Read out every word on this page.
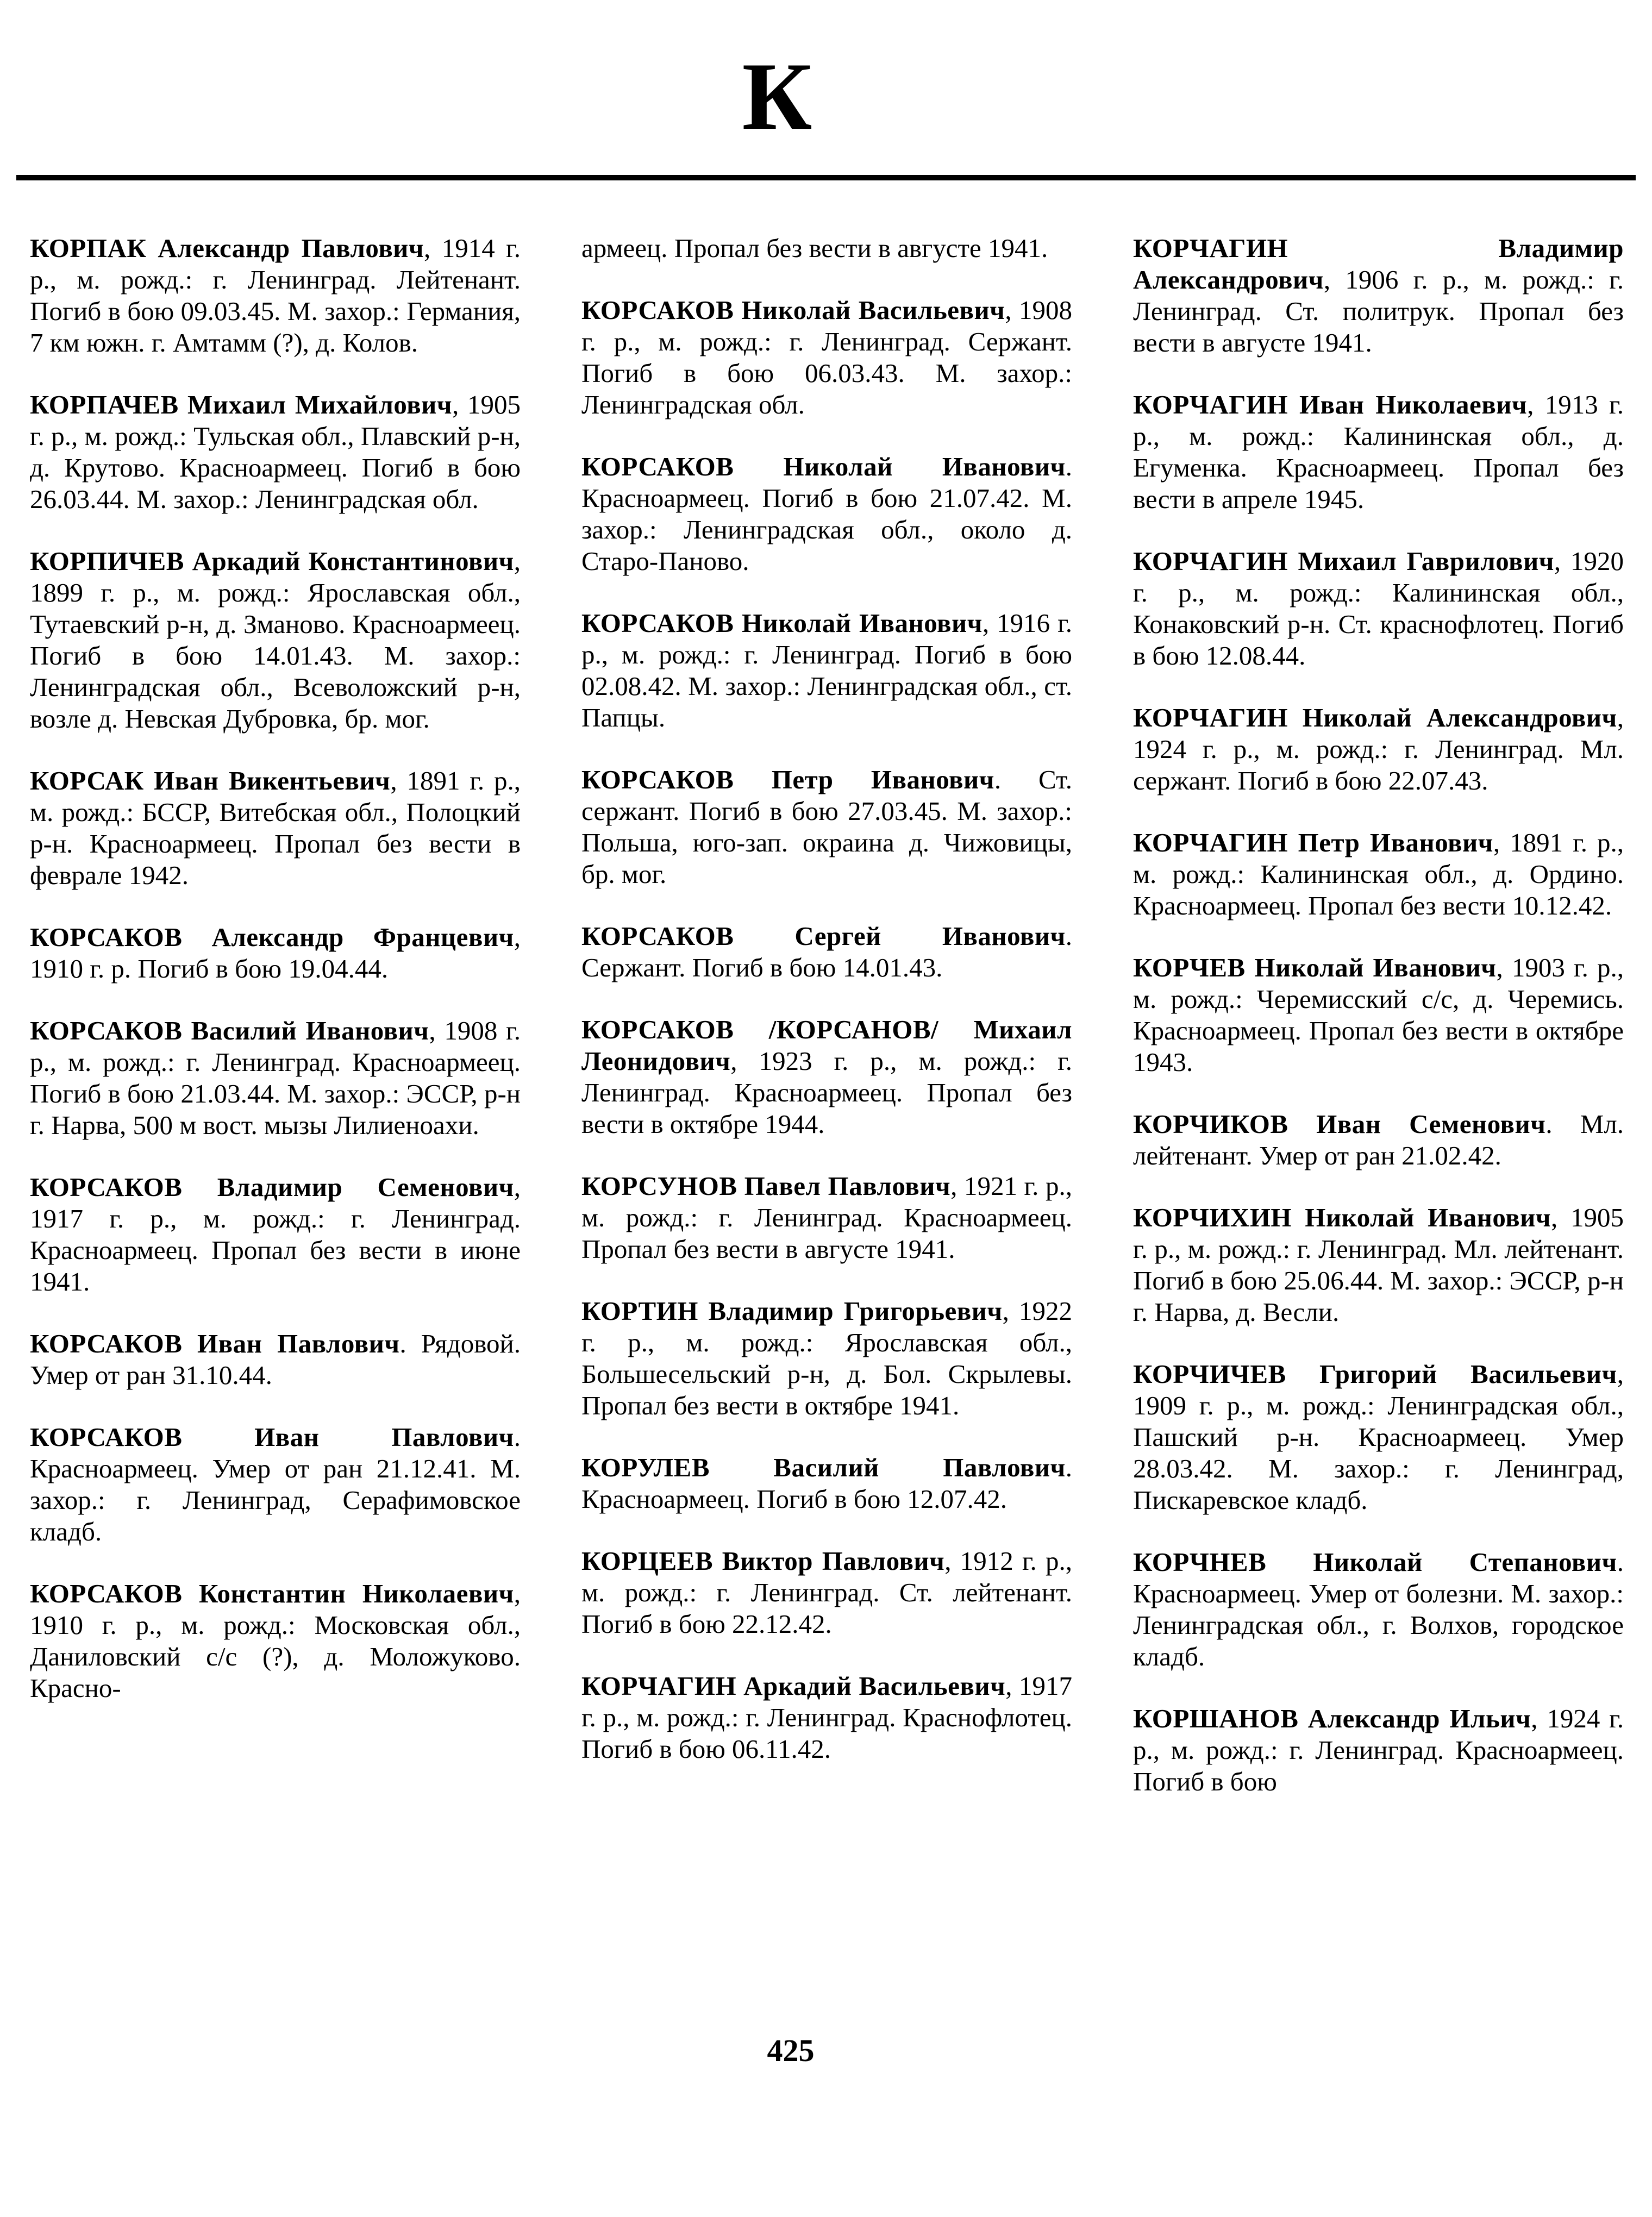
К

КОРПАК Александр Павлович, 1914 г. р., м. рожд.: г. Ленинград. Лейтенант. Погиб в бою 09.03.45. М. захор.: Германия, 7 км южн. г. Амтамм (?), д. Колов.

КОРПАЧЕВ Михаил Михайлович, 1905 г. р., м. рожд.: Тульская обл., Плавский р-н, д. Крутово. Красноармеец. Погиб в бою 26.03.44. М. захор.: Ленинградская обл.

КОРПИЧЕВ Аркадий Константинович, 1899 г. р., м. рожд.: Ярославская обл., Тутаевский р-н, д. Зманово. Красноармеец. Погиб в бою 14.01.43. М. захор.: Ленинградская обл., Всеволожский р-н, возле д. Невская Дубровка, бр. мог.

КОРСАК Иван Викентьевич, 1891 г. р., м. рожд.: БССР, Витебская обл., Полоцкий р-н. Красноармеец. Пропал без вести в феврале 1942.

КОРСАКОВ Александр Францевич, 1910 г. р. Погиб в бою 19.04.44.

КОРСАКОВ Василий Иванович, 1908 г. р., м. рожд.: г. Ленинград. Красноармеец. Погиб в бою 21.03.44. М. захор.: ЭССР, р-н г. Нарва, 500 м вост. мызы Лилиеноахи.

КОРСАКОВ Владимир Семенович, 1917 г. р., м. рожд.: г. Ленинград. Красноармеец. Пропал без вести в июне 1941.

КОРСАКОВ Иван Павлович. Рядовой. Умер от ран 31.10.44.

КОРСАКОВ Иван Павлович. Красноармеец. Умер от ран 21.12.41. М. захор.: г. Ленинград, Серафимовское кладб.

КОРСАКОВ Константин Николаевич, 1910 г. р., м. рожд.: Московская обл., Даниловский с/с (?), д. Моложуково. Красно-

армеец. Пропал без вести в августе 1941.

КОРСАКОВ Николай Васильевич, 1908 г. р., м. рожд.: г. Ленинград. Сержант. Погиб в бою 06.03.43. М. захор.: Ленинградская обл.

КОРСАКОВ Николай Иванович. Красноармеец. Погиб в бою 21.07.42. М. захор.: Ленинградская обл., около д. Старо-Паново.

КОРСАКОВ Николай Иванович, 1916 г. р., м. рожд.: г. Ленинград. Погиб в бою 02.08.42. М. захор.: Ленинградская обл., ст. Папцы.

КОРСАКОВ Петр Иванович. Ст. сержант. Погиб в бою 27.03.45. М. захор.: Польша, юго-зап. окраина д. Чижовицы, бр. мог.

КОРСАКОВ Сергей Иванович. Сержант. Погиб в бою 14.01.43.

КОРСАКОВ /КОРСАНОВ/ Михаил Леонидович, 1923 г. р., м. рожд.: г. Ленинград. Красноармеец. Пропал без вести в октябре 1944.

КОРСУНОВ Павел Павлович, 1921 г. р., м. рожд.: г. Ленинград. Красноармеец. Пропал без вести в августе 1941.

КОРТИН Владимир Григорьевич, 1922 г. р., м. рожд.: Ярославская обл., Большесельский р-н, д. Бол. Скрылевы. Пропал без вести в октябре 1941.

КОРУЛЕВ Василий Павлович. Красноармеец. Погиб в бою 12.07.42.

КОРЦЕЕВ Виктор Павлович, 1912 г. р., м. рожд.: г. Ленинград. Ст. лейтенант. Погиб в бою 22.12.42.

КОРЧАГИН Аркадий Васильевич, 1917 г. р., м. рожд.: г. Ленинград. Краснофлотец. Погиб в бою 06.11.42.

КОРЧАГИН Владимир Александрович, 1906 г. р., м. рожд.: г. Ленинград. Ст. политрук. Пропал без вести в августе 1941.

КОРЧАГИН Иван Николаевич, 1913 г. р., м. рожд.: Калининская обл., д. Егуменка. Красноармеец. Пропал без вести в апреле 1945.

КОРЧАГИН Михаил Гаврилович, 1920 г. р., м. рожд.: Калининская обл., Конаковский р-н. Ст. краснофлотец. Погиб в бою 12.08.44.

КОРЧАГИН Николай Александрович, 1924 г. р., м. рожд.: г. Ленинград. Мл. сержант. Погиб в бою 22.07.43.

КОРЧАГИН Петр Иванович, 1891 г. р., м. рожд.: Калининская обл., д. Ордино. Красноармеец. Пропал без вести 10.12.42.

КОРЧЕВ Николай Иванович, 1903 г. р., м. рожд.: Черемисский с/с, д. Черемись. Красноармеец. Пропал без вести в октябре 1943.

КОРЧИКОВ Иван Семенович. Мл. лейтенант. Умер от ран 21.02.42.

КОРЧИХИН Николай Иванович, 1905 г. р., м. рожд.: г. Ленинград. Мл. лейтенант. Погиб в бою 25.06.44. М. захор.: ЭССР, р-н г. Нарва, д. Весли.

КОРЧИЧЕВ Григорий Васильевич, 1909 г. р., м. рожд.: Ленинградская обл., Пашский р-н. Красноармеец. Умер 28.03.42. М. захор.: г. Ленинград, Пискаревское кладб.

КОРЧНЕВ Николай Степанович. Красноармеец. Умер от болезни. М. захор.: Ленинградская обл., г. Волхов, городское кладб.

КОРШАНОВ Александр Ильич, 1924 г. р., м. рожд.: г. Ленинград. Красноармеец. Погиб в бою

425
